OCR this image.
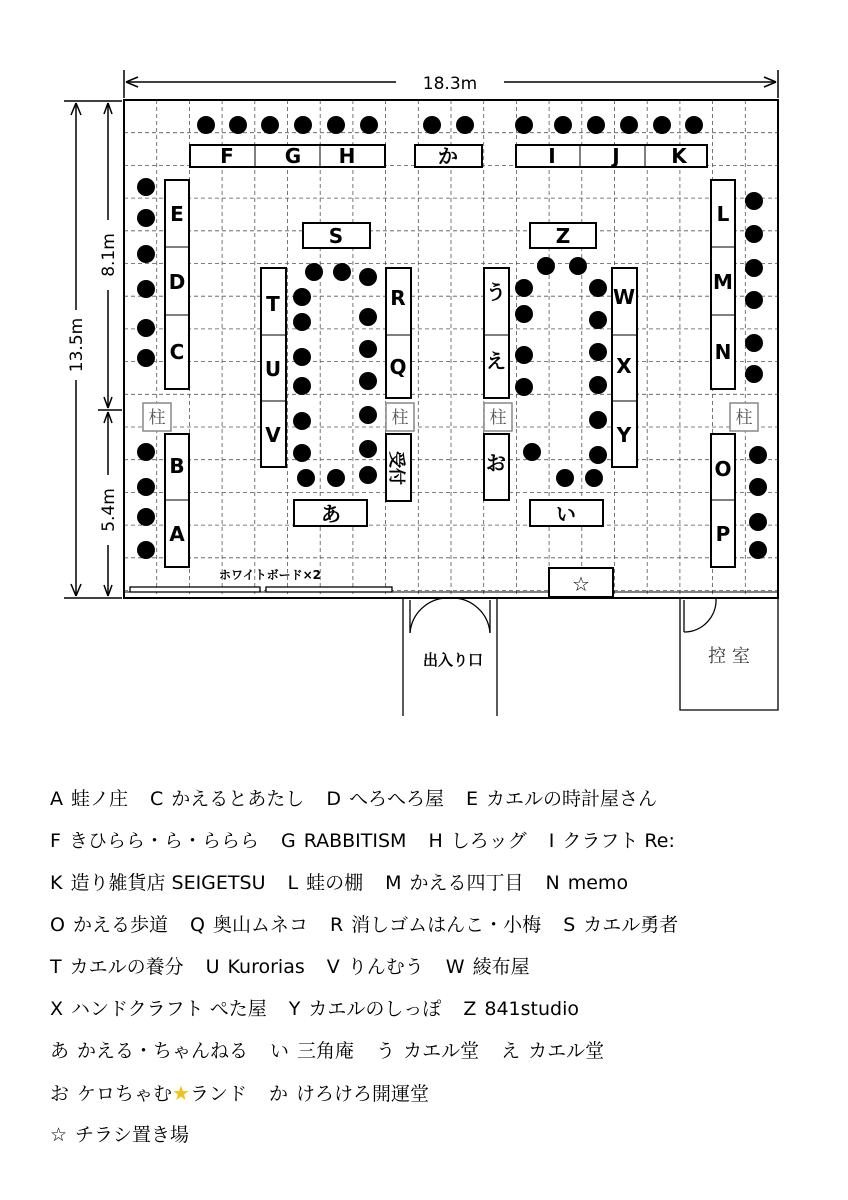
18.3m
13.5m
8.1m
5.4m
柱	柱	柱	柱
A
B
C
D
E
F	G H	か	I	J	K
L
M
N
O
P
S
T
U
V
R
Q
Z
う
え
お
W
X
Y
あ	い
☆
受付
ホワイトボード×2
出入り口	控 室
A 蛙ノ庄 C かえるとあたし D へろへろ屋 E カエルの時計屋さん
F きひらら・ら・ららら G RABBITISM H しろッグ I クラフト Re:
K 造り雑貨店 SEIGETSU L 蛙の棚 M かえる四丁目 N memo
O かえる歩道 Q 奥山ムネコ R 消しゴムはんこ・小梅 S カエル勇者
T カエルの養分 U Kurorias V りんむう W 綾布屋
X ハンドクラフト ぺた屋 Y カエルのしっぽ Z 841studio
あ かえる・ちゃんねる い 三角庵 う カエル堂 え カエル堂
お ケロちゃむ★ランド か けろけろ開運堂
☆ チラシ置き場
